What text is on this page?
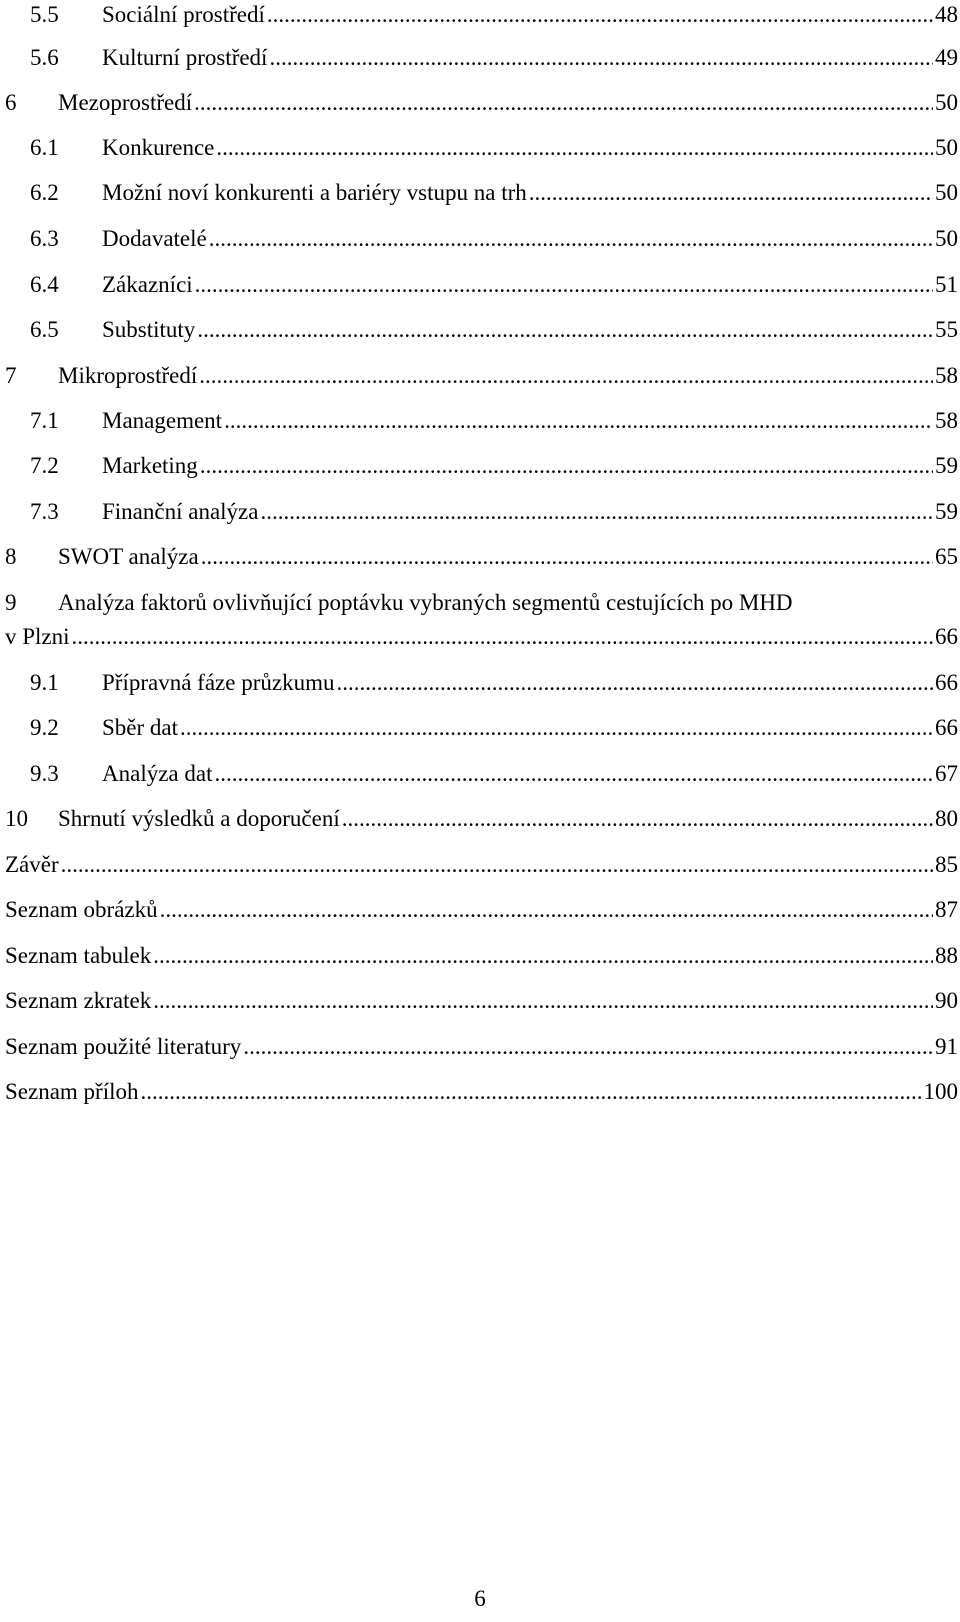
5.5 Sociální prostředí .....	48
5.6 Kulturní prostředí .....	49
6 Mezoprostředí .....	50
6.1 Konkurence .....	50
6.2 Možní noví konkurenti a bariéry vstupu na trh .....	50
6.3 Dodavatelé .....	50
6.4 Zákazníci .....	51
6.5 Substituty .....	55
7 Mikroprostředí .....	58
7.1 Management .....	58
7.2 Marketing .....	59
7.3 Finanční analýza .....	59
8 SWOT analýza .....	65
9 Analýza faktorů ovlivňující poptávku vybraných segmentů cestujících po MHD
v Plzni .....	66
9.1 Přípravná fáze průzkumu .....	66
9.2 Sběr dat .....	66
9.3 Analýza dat .....	67
10 Shrnutí výsledků a doporučení .....	80
Závěr .....	85
Seznam obrázků .....	87
Seznam tabulek .....	88
Seznam zkratek .....	90
Seznam použité literatury .....	91
Seznam příloh .....	100
6
